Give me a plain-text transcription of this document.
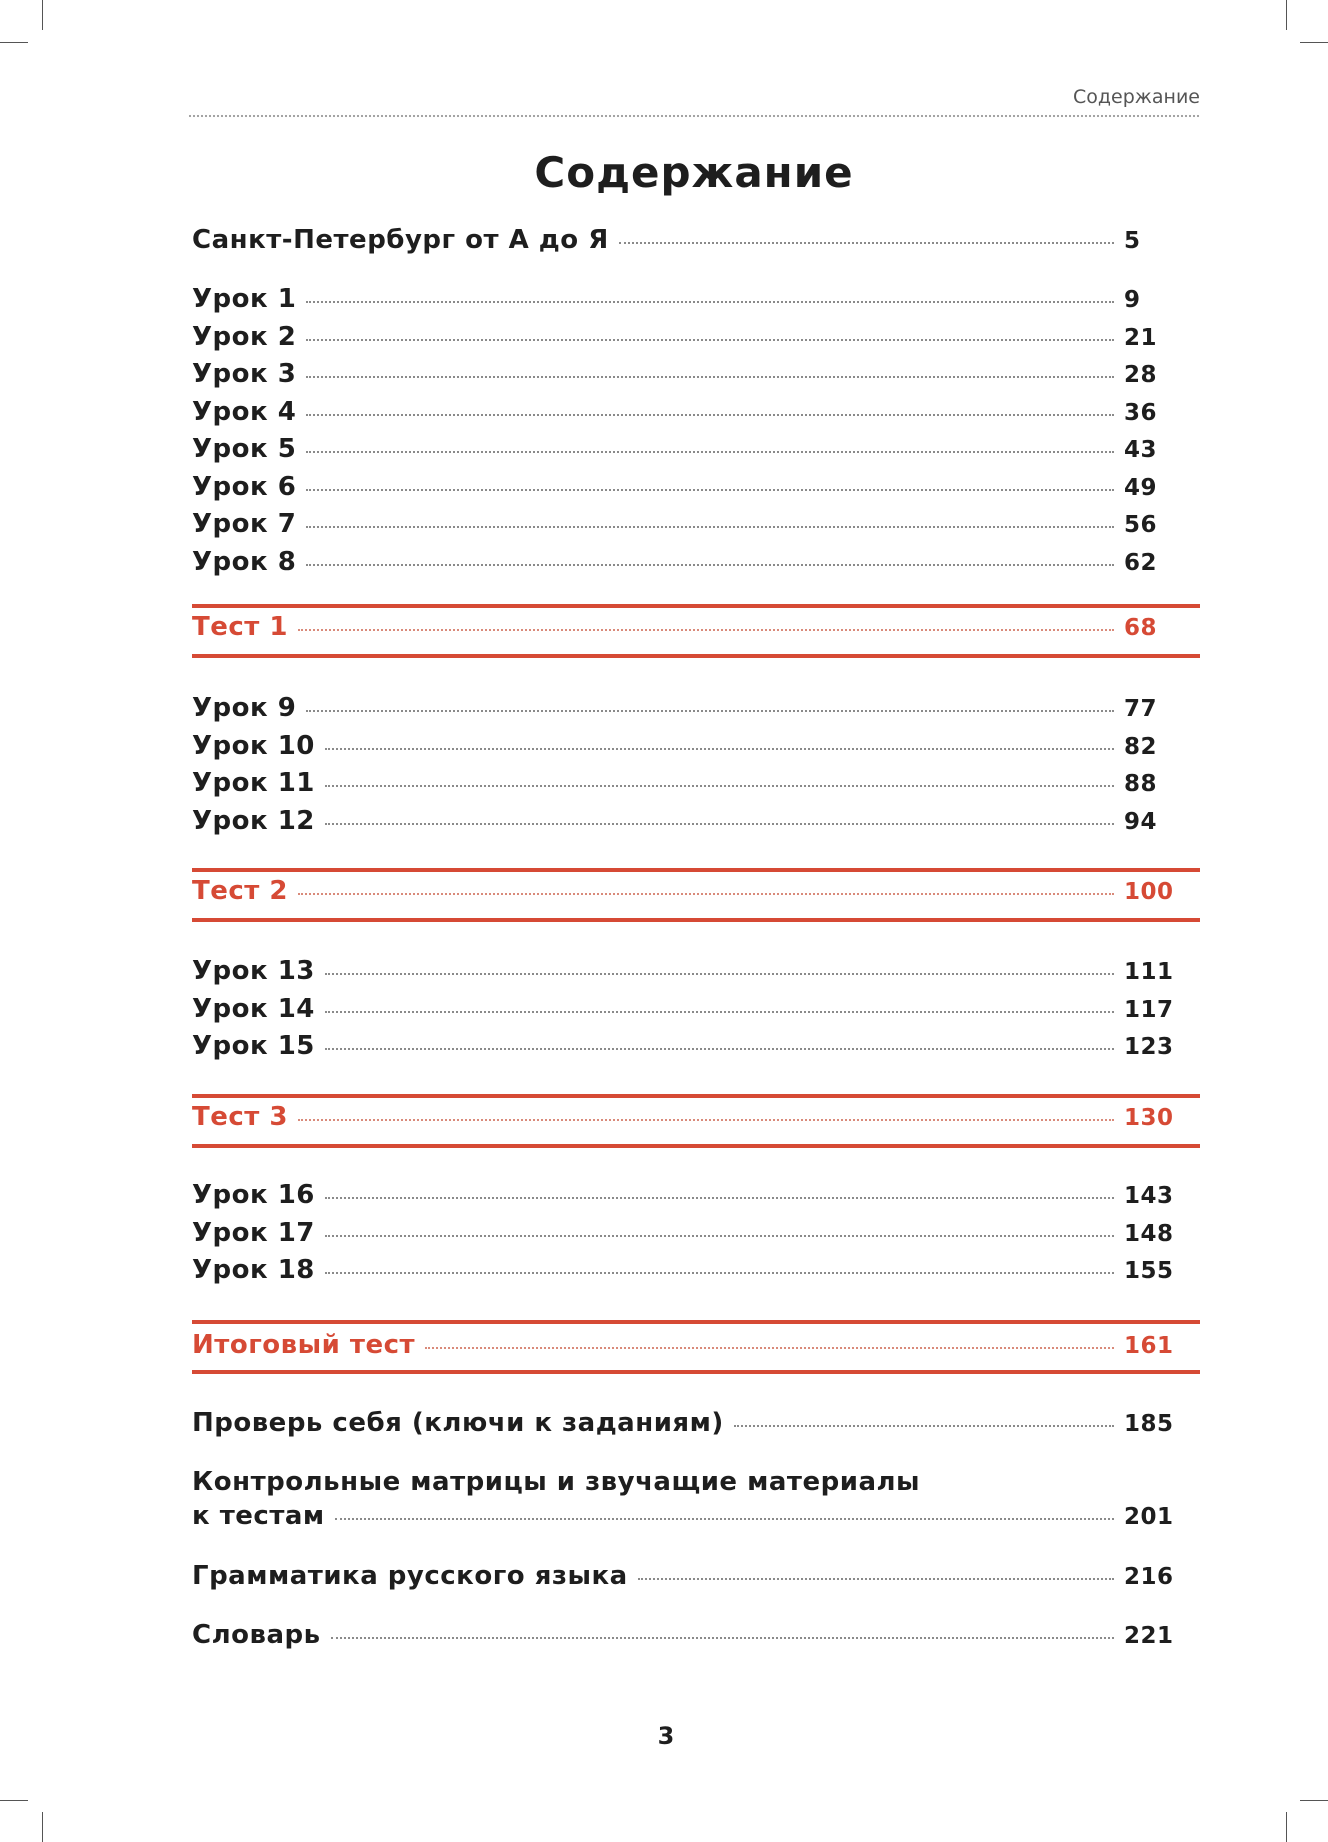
Содержание
Содержание
Санкт-Петербург от А до Я	5
Урок 1	9
Урок 2	21
Урок 3	28
Урок 4	36
Урок 5	43
Урок 6	49
Урок 7	56
Урок 8	62
Тест 1	68
Урок 9	77
Урок 10	82
Урок 11	88
Урок 12	94
Тест 2	100
Урок 13	111
Урок 14	117
Урок 15	123
Тест 3	130
Урок 16	143
Урок 17	148
Урок 18	155
Итоговый тест	161
Проверь себя (ключи к заданиям)	185
Контрольные матрицы и звучащие материалы
к тестам	201
Грамматика русского языка	216
Словарь	221
3
